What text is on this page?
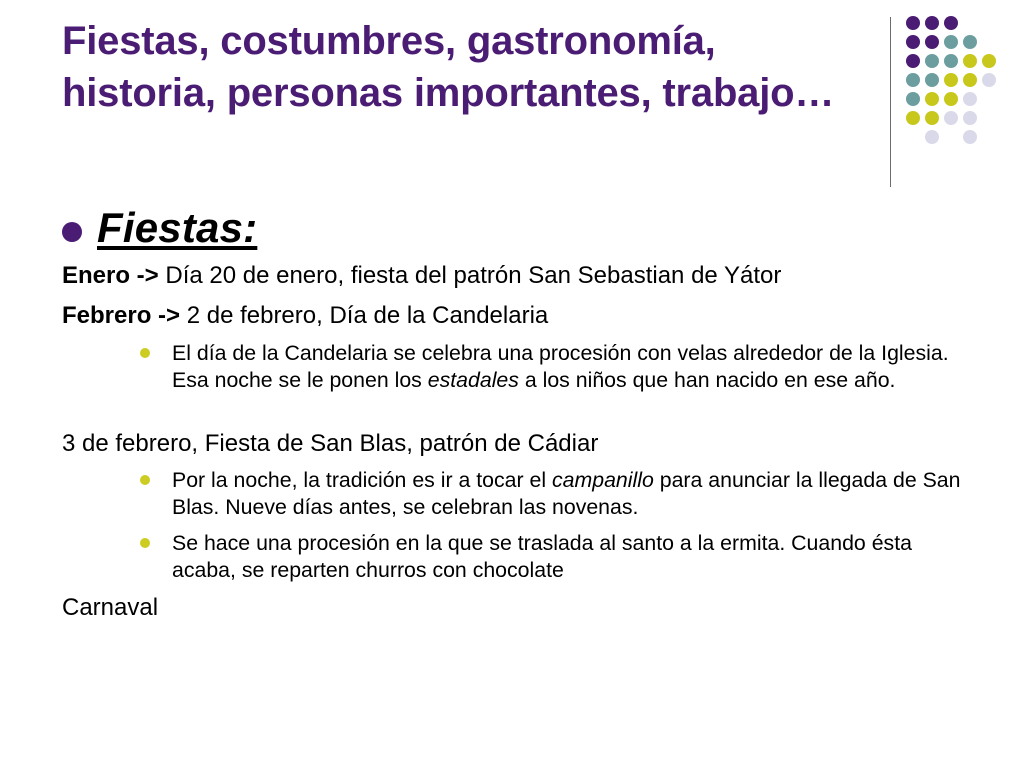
Fiestas, costumbres, gastronomía, historia, personas importantes, trabajo…
Fiestas:
Enero -> Día 20 de enero, fiesta del patrón San Sebastian de Yátor
Febrero -> 2 de febrero, Día de la Candelaria
El día de la Candelaria se celebra una procesión con velas alrededor de la Iglesia. Esa noche se le ponen los estadales a los niños que han nacido en ese año.
3 de febrero, Fiesta de San Blas, patrón de Cádiar
Por la noche, la tradición es ir a tocar el campanillo para anunciar la llegada de San Blas. Nueve días antes, se celebran las novenas.
Se hace una procesión en la que se traslada al santo a la ermita. Cuando ésta acaba, se reparten churros con chocolate
Carnaval
